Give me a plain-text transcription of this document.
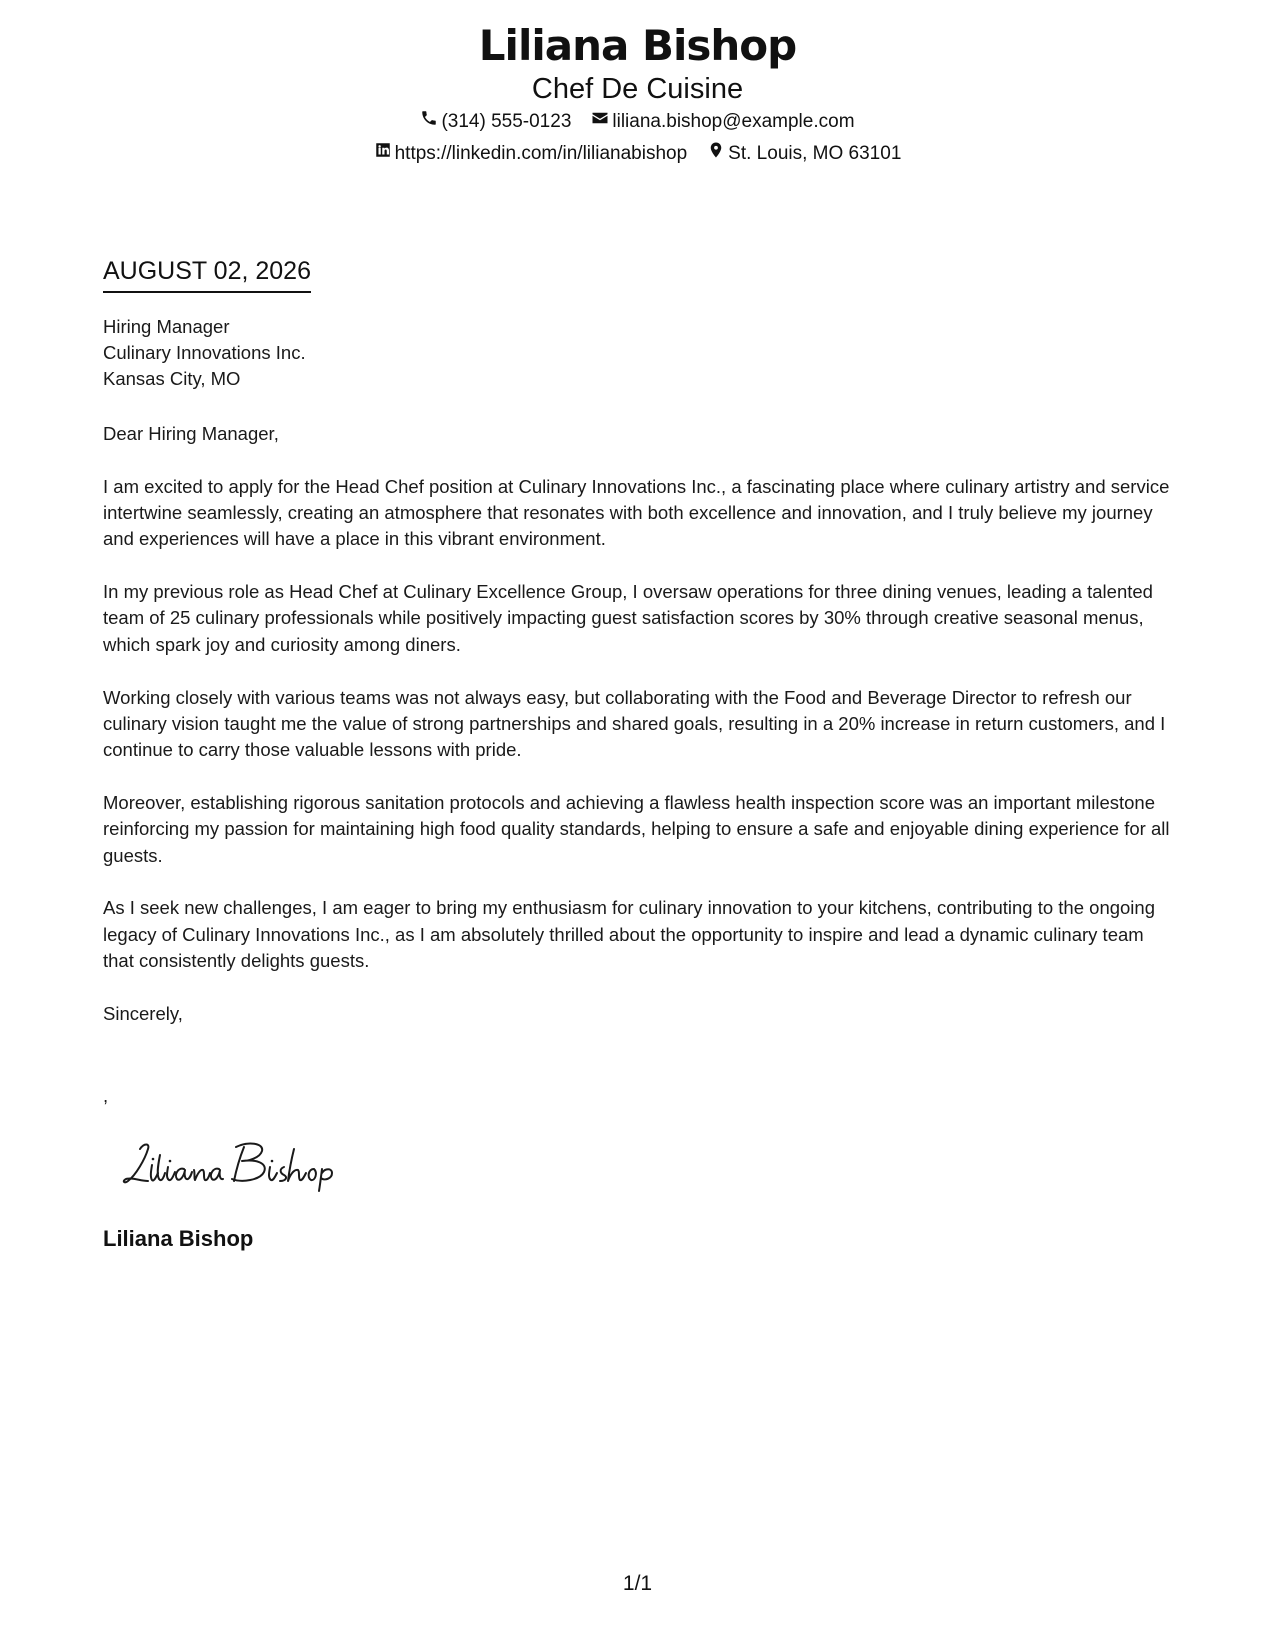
Liliana Bishop
Chef De Cuisine
(314) 555-0123 liliana.bishop@example.com
https://linkedin.com/in/lilianabishop St. Louis, MO 63101
AUGUST 02, 2026
Hiring Manager
Culinary Innovations Inc.
Kansas City, MO

Dear Hiring Manager,

I am excited to apply for the Head Chef position at Culinary Innovations Inc., a fascinating place where culinary artistry and service intertwine seamlessly, creating an atmosphere that resonates with both excellence and innovation, and I truly believe my journey and experiences will have a place in this vibrant environment.

In my previous role as Head Chef at Culinary Excellence Group, I oversaw operations for three dining venues, leading a talented team of 25 culinary professionals while positively impacting guest satisfaction scores by 30% through creative seasonal menus, which spark joy and curiosity among diners.

Working closely with various teams was not always easy, but collaborating with the Food and Beverage Director to refresh our culinary vision taught me the value of strong partnerships and shared goals, resulting in a 20% increase in return customers, and I continue to carry those valuable lessons with pride.

Moreover, establishing rigorous sanitation protocols and achieving a flawless health inspection score was an important milestone reinforcing my passion for maintaining high food quality standards, helping to ensure a safe and enjoyable dining experience for all guests.

As I seek new challenges, I am eager to bring my enthusiasm for culinary innovation to your kitchens, contributing to the ongoing legacy of Culinary Innovations Inc., as I am absolutely thrilled about the opportunity to inspire and lead a dynamic culinary team that consistently delights guests.

Sincerely,

,
Liliana Bishop
1/1
